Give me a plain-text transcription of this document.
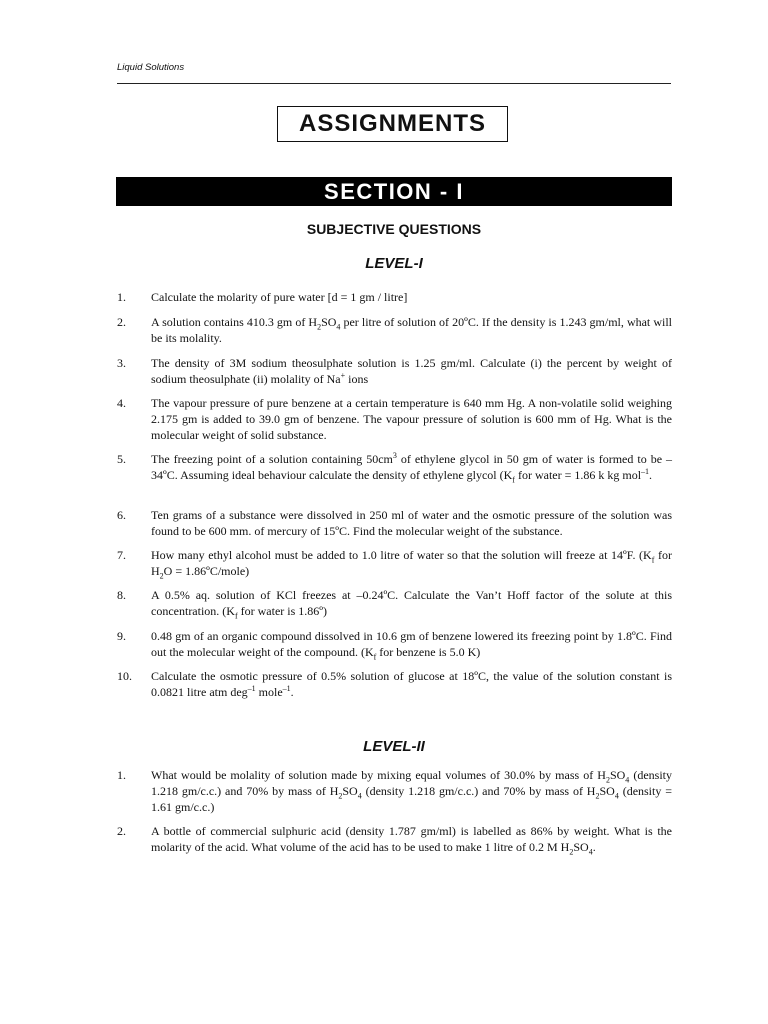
Liquid Solutions
ASSIGNMENTS
SECTION - I
SUBJECTIVE QUESTIONS
LEVEL-I
1. Calculate the molarity of pure water [d = 1 gm / litre]
2. A solution contains 410.3 gm of $H_2SO_4$ per litre of solution of 20ºC. If the density is 1.243 gm/ml, what will be its molality.
3. The density of 3M sodium theosulphate solution is 1.25 gm/ml. Calculate (i) the percent by weight of sodium theosulphate (ii) molality of Na+ ions
4. The vapour pressure of pure benzene at a certain temperature is 640 mm Hg. A non-volatile solid weighing 2.175 gm is added to 39.0 gm of benzene. The vapour pressure of solution is 600 mm of Hg. What is the molecular weight of solid substance.
5. The freezing point of a solution containing $50cm^3$ of ethylene glycol in 50 gm of water is formed to be –34ºC. Assuming ideal behaviour calculate the density of ethylene glycol ($K_f$ for water = 1.86 k kg mol$^{-1}$.
6. Ten grams of a substance were dissolved in 250 ml of water and the osmotic pressure of the solution was found to be 600 mm. of mercury of 15ºC. Find the molecular weight of the substance.
7. How many ethyl alcohol must be added to 1.0 litre of water so that the solution will freeze at 14ºF. ($K_f$ for $H_2O$ = 1.86ºC/mole)
8. A 0.5% aq. solution of KCl freezes at –0.24ºC. Calculate the Van’t Hoff factor of the solute at this concentration. ($K_f$ for water is 1.86º)
9. 0.48 gm of an organic compound dissolved in 10.6 gm of benzene lowered its freezing point by 1.8ºC. Find out the molecular weight of the compound. ($K_f$ for benzene is 5.0 K)
10. Calculate the osmotic pressure of 0.5% solution of glucose at 18ºC, the value of the solution constant is 0.0821 litre atm deg$^{-1}$ mole$^{-1}$.
LEVEL-II
1. What would be molality of solution made by mixing equal volumes of 30.0% by mass of $H_2SO_4$ (density 1.218 gm/c.c.) and 70% by mass of $H_2SO_4$ (density 1.218 gm/c.c.) and 70% by mass of $H_2SO_4$ (density = 1.61 gm/c.c.)
2. A bottle of commercial sulphuric acid (density 1.787 gm/ml) is labelled as 86% by weight. What is the molarity of the acid. What volume of the acid has to be used to make 1 litre of 0.2 M $H_2SO_4$.
